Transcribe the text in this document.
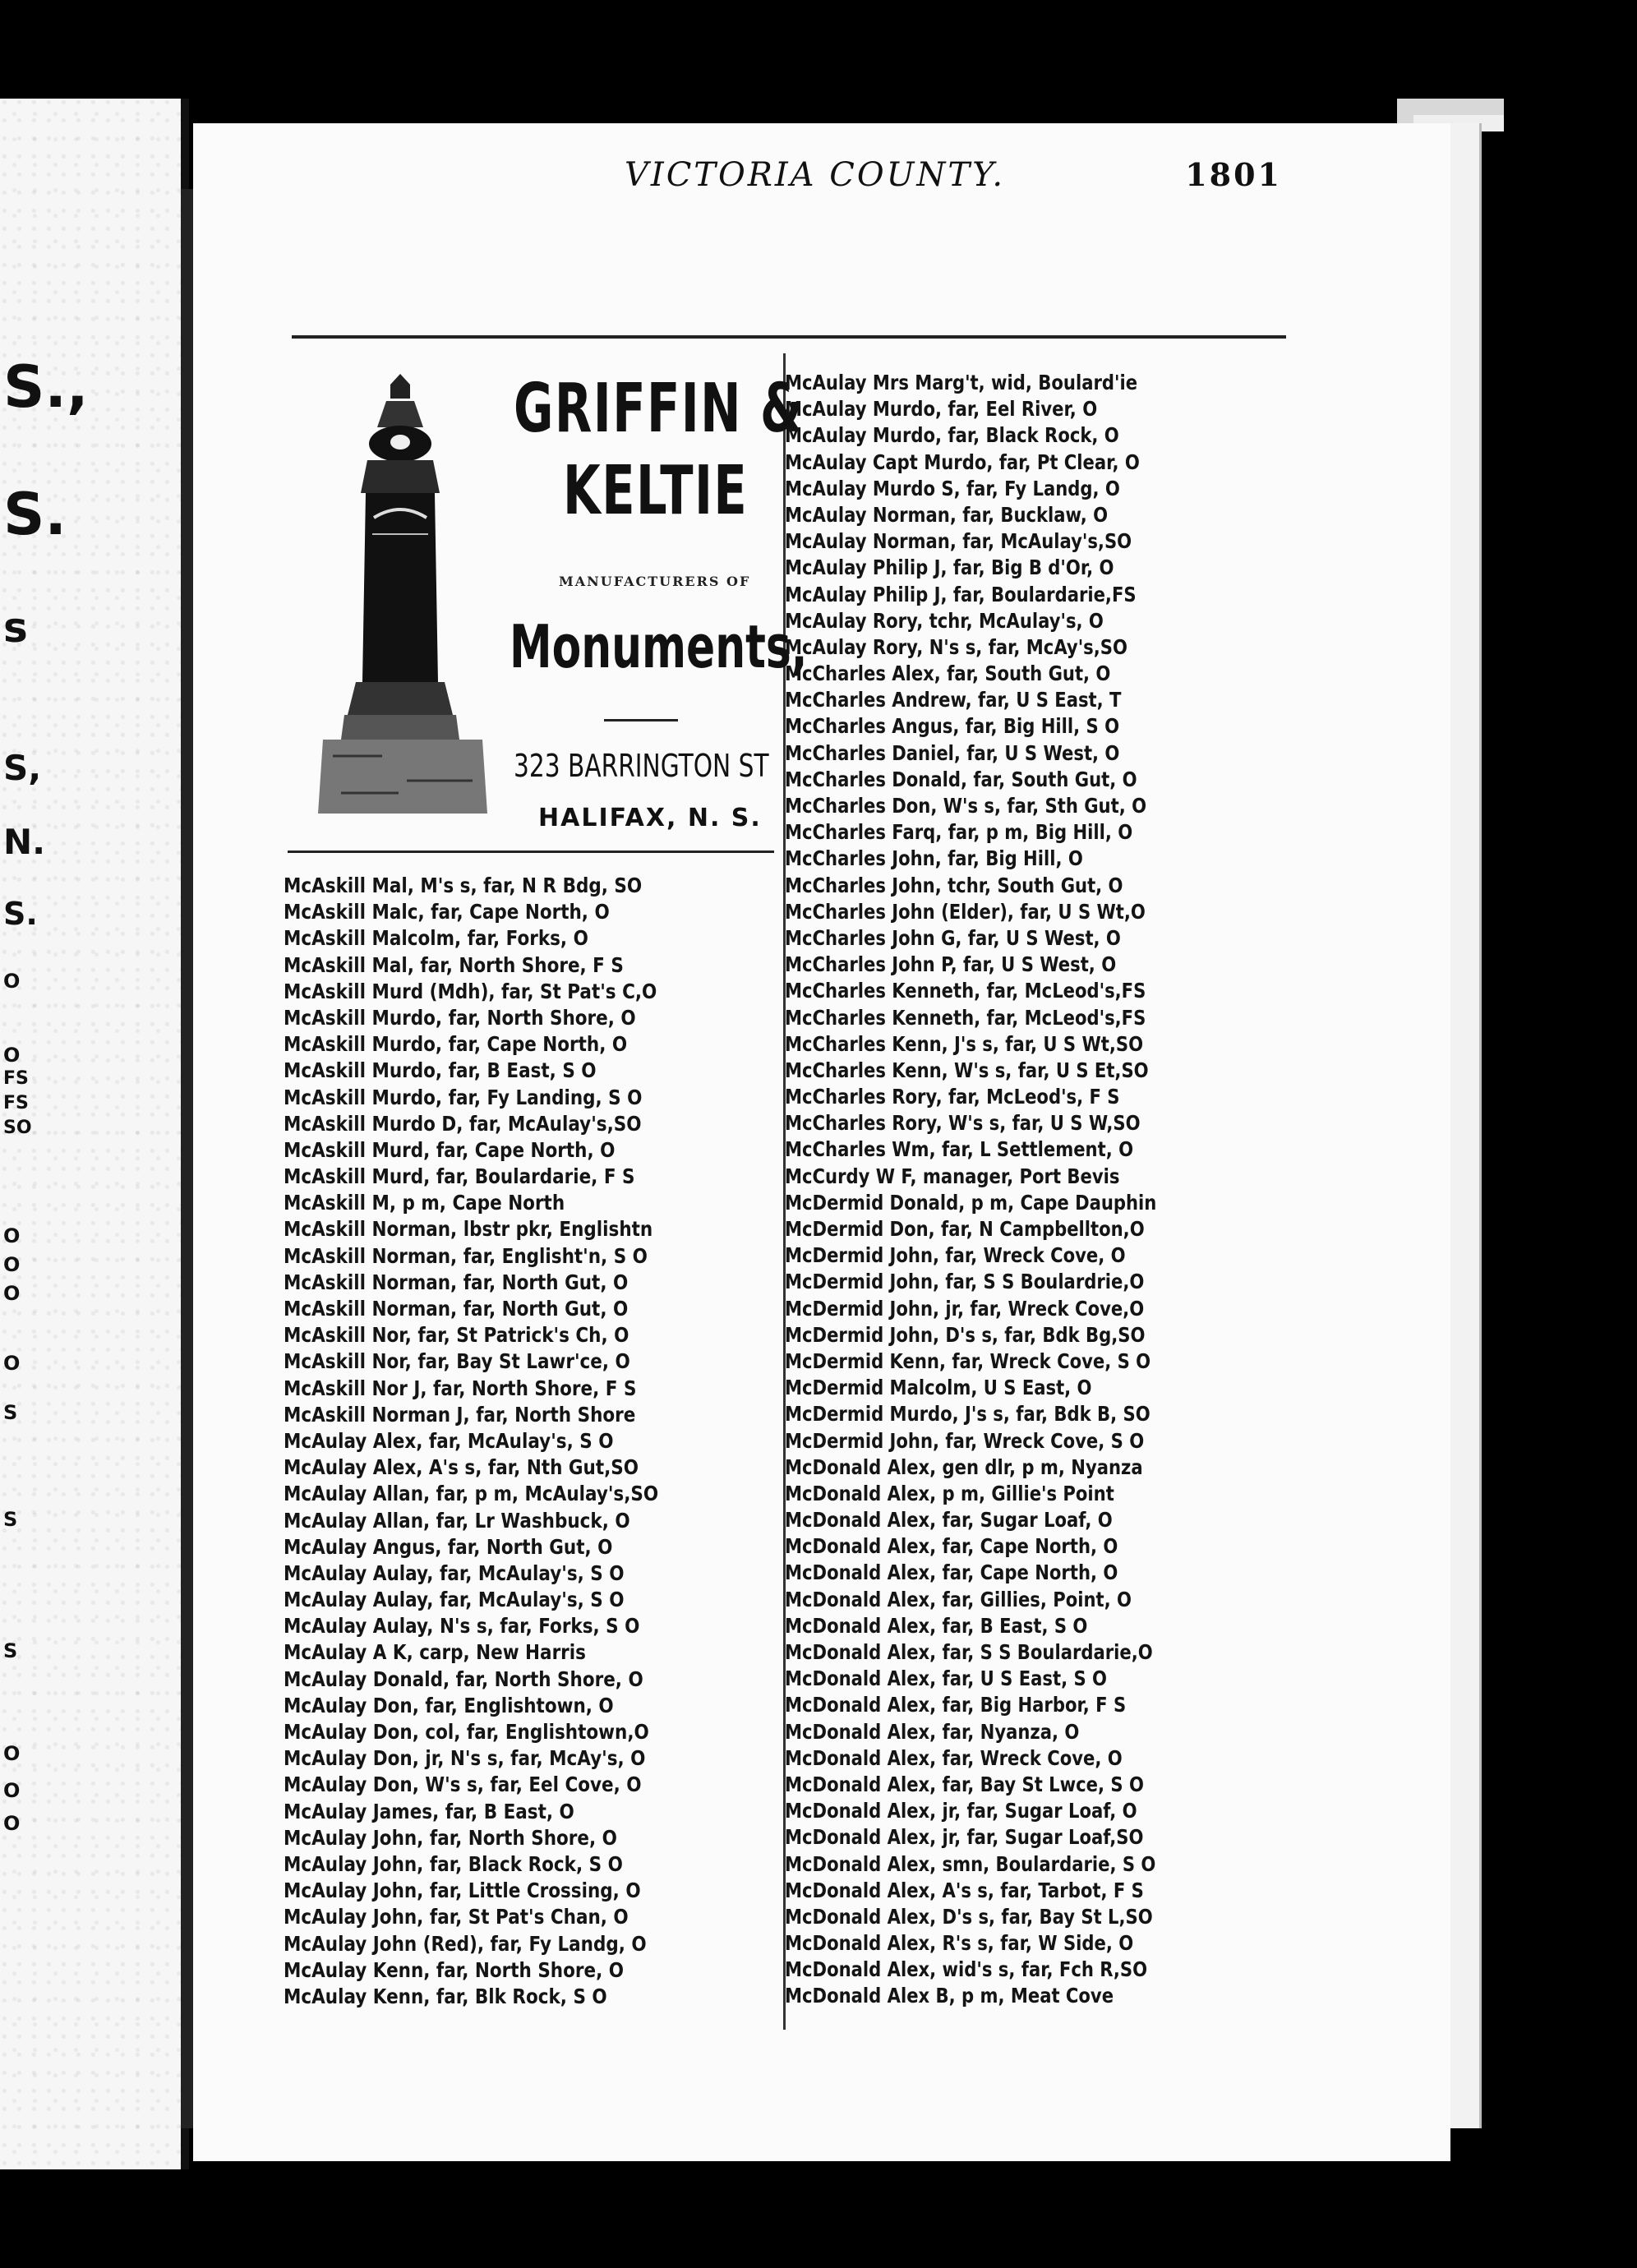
S.,
S.
s
S,
N.
S.
O
O
FS
FS
SO
O
O
O
O
S
S
S
O
O
O
VICTORIA COUNTY.	1801
GRIFFIN &
KELTIE
MANUFACTURERS OF
Monuments,
323 BARRINGTON ST
HALIFAX, N. S.
McAskill Mal, M's s, far, N R Bdg, SO
McAskill Malc, far, Cape North, O
McAskill Malcolm, far, Forks, O
McAskill Mal, far, North Shore, F S
McAskill Murd (Mdh), far, St Pat's C,O
McAskill Murdo, far, North Shore, O
McAskill Murdo, far, Cape North, O
McAskill Murdo, far, B East, S O
McAskill Murdo, far, Fy Landing, S O
McAskill Murdo D, far, McAulay's,SO
McAskill Murd, far, Cape North, O
McAskill Murd, far, Boulardarie, F S
McAskill M, p m, Cape North
McAskill Norman, lbstr pkr, Englishtn
McAskill Norman, far, Englisht'n, S O
McAskill Norman, far, North Gut, O
McAskill Norman, far, North Gut, O
McAskill Nor, far, St Patrick's Ch, O
McAskill Nor, far, Bay St Lawr'ce, O
McAskill Nor J, far, North Shore, F S
McAskill Norman J, far, North Shore
McAulay Alex, far, McAulay's, S O
McAulay Alex, A's s, far, Nth Gut,SO
McAulay Allan, far, p m, McAulay's,SO
McAulay Allan, far, Lr Washbuck, O
McAulay Angus, far, North Gut, O
McAulay Aulay, far, McAulay's, S O
McAulay Aulay, far, McAulay's, S O
McAulay Aulay, N's s, far, Forks, S O
McAulay A K, carp, New Harris
McAulay Donald, far, North Shore, O
McAulay Don, far, Englishtown, O
McAulay Don, col, far, Englishtown,O
McAulay Don, jr, N's s, far, McAy's, O
McAulay Don, W's s, far, Eel Cove, O
McAulay James, far, B East, O
McAulay John, far, North Shore, O
McAulay John, far, Black Rock, S O
McAulay John, far, Little Crossing, O
McAulay John, far, St Pat's Chan, O
McAulay John (Red), far, Fy Landg, O
McAulay Kenn, far, North Shore, O
McAulay Kenn, far, Blk Rock, S O
McAulay Mrs Marg't, wid, Boulard'ie
McAulay Murdo, far, Eel River, O
McAulay Murdo, far, Black Rock, O
McAulay Capt Murdo, far, Pt Clear, O
McAulay Murdo S, far, Fy Landg, O
McAulay Norman, far, Bucklaw, O
McAulay Norman, far, McAulay's,SO
McAulay Philip J, far, Big B d'Or, O
McAulay Philip J, far, Boulardarie,FS
McAulay Rory, tchr, McAulay's, O
McAulay Rory, N's s, far, McAy's,SO
McCharles Alex, far, South Gut, O
McCharles Andrew, far, U S East, T
McCharles Angus, far, Big Hill, S O
McCharles Daniel, far, U S West, O
McCharles Donald, far, South Gut, O
McCharles Don, W's s, far, Sth Gut, O
McCharles Farq, far, p m, Big Hill, O
McCharles John, far, Big Hill, O
McCharles John, tchr, South Gut, O
McCharles John (Elder), far, U S Wt,O
McCharles John G, far, U S West, O
McCharles John P, far, U S West, O
McCharles Kenneth, far, McLeod's,FS
McCharles Kenneth, far, McLeod's,FS
McCharles Kenn, J's s, far, U S Wt,SO
McCharles Kenn, W's s, far, U S Et,SO
McCharles Rory, far, McLeod's, F S
McCharles Rory, W's s, far, U S W,SO
McCharles Wm, far, L Settlement, O
McCurdy W F, manager, Port Bevis
McDermid Donald, p m, Cape Dauphin
McDermid Don, far, N Campbellton,O
McDermid John, far, Wreck Cove, O
McDermid John, far, S S Boulardrie,O
McDermid John, jr, far, Wreck Cove,O
McDermid John, D's s, far, Bdk Bg,SO
McDermid Kenn, far, Wreck Cove, S O
McDermid Malcolm, U S East, O
McDermid Murdo, J's s, far, Bdk B, SO
McDermid John, far, Wreck Cove, S O
McDonald Alex, gen dlr, p m, Nyanza
McDonald Alex, p m, Gillie's Point
McDonald Alex, far, Sugar Loaf, O
McDonald Alex, far, Cape North, O
McDonald Alex, far, Cape North, O
McDonald Alex, far, Gillies, Point, O
McDonald Alex, far, B East, S O
McDonald Alex, far, S S Boulardarie,O
McDonald Alex, far, U S East, S O
McDonald Alex, far, Big Harbor, F S
McDonald Alex, far, Nyanza, O
McDonald Alex, far, Wreck Cove, O
McDonald Alex, far, Bay St Lwce, S O
McDonald Alex, jr, far, Sugar Loaf, O
McDonald Alex, jr, far, Sugar Loaf,SO
McDonald Alex, smn, Boulardarie, S O
McDonald Alex, A's s, far, Tarbot, F S
McDonald Alex, D's s, far, Bay St L,SO
McDonald Alex, R's s, far, W Side, O
McDonald Alex, wid's s, far, Fch R,SO
McDonald Alex B, p m, Meat Cove
